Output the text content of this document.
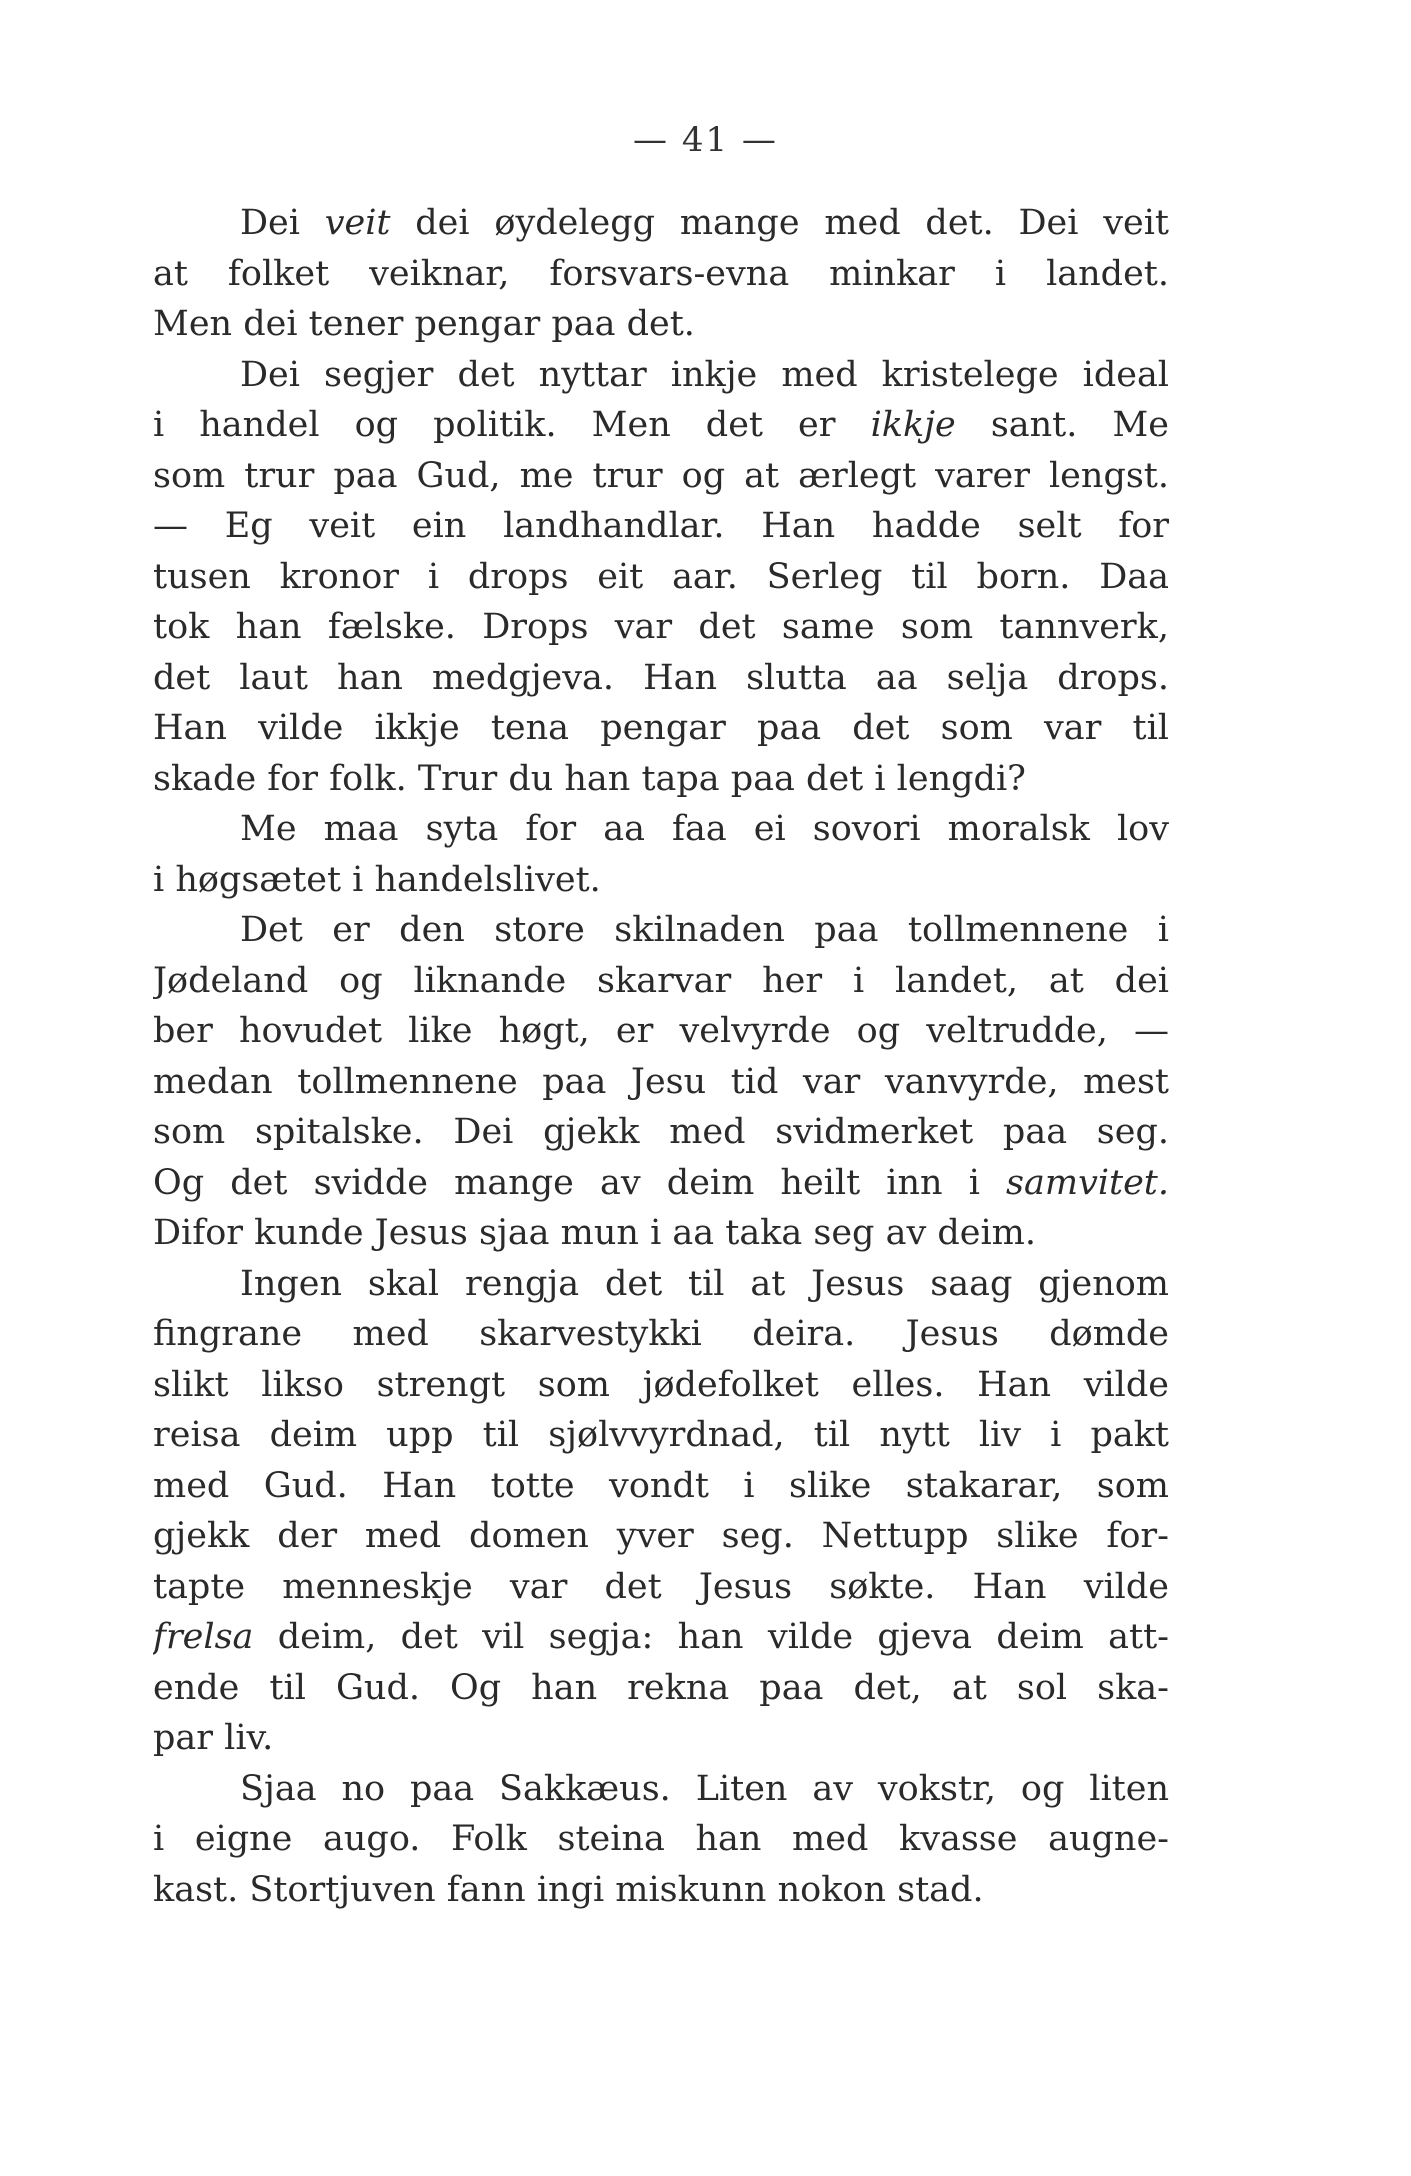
— 41 —
Dei veit dei øydelegg mange med det. Dei veit
at folket veiknar, forsvars-evna minkar i landet.
Men dei tener pengar paa det.
Dei segjer det nyttar inkje med kristelege ideal
i handel og politik. Men det er ikkje sant. Me
som trur paa Gud, me trur og at ærlegt varer lengst.
— Eg veit ein landhandlar. Han hadde selt for
tusen kronor i drops eit aar. Serleg til born. Daa
tok han fælske. Drops var det same som tannverk,
det laut han medgjeva. Han slutta aa selja drops.
Han vilde ikkje tena pengar paa det som var til
skade for folk. Trur du han tapa paa det i lengdi?
Me maa syta for aa faa ei sovori moralsk lov
i høgsætet i handelslivet.
Det er den store skilnaden paa tollmennene i
Jødeland og liknande skarvar her i landet, at dei
ber hovudet like høgt, er velvyrde og veltrudde, —
medan tollmennene paa Jesu tid var vanvyrde, mest
som spitalske. Dei gjekk med svidmerket paa seg.
Og det svidde mange av deim heilt inn i samvitet.
Difor kunde Jesus sjaa mun i aa taka seg av deim.
Ingen skal rengja det til at Jesus saag gjenom
fingrane med skarvestykki deira. Jesus dømde
slikt likso strengt som jødefolket elles. Han vilde
reisa deim upp til sjølvvyrdnad, til nytt liv i pakt
med Gud. Han totte vondt i slike stakarar, som
gjekk der med domen yver seg. Nettupp slike for-
tapte menneskje var det Jesus søkte. Han vilde
frelsa deim, det vil segja: han vilde gjeva deim att-
ende til Gud. Og han rekna paa det, at sol ska-
par liv.
Sjaa no paa Sakkæus. Liten av vokstr, og liten
i eigne augo. Folk steina han med kvasse augne-
kast. Stortjuven fann ingi miskunn nokon stad.
